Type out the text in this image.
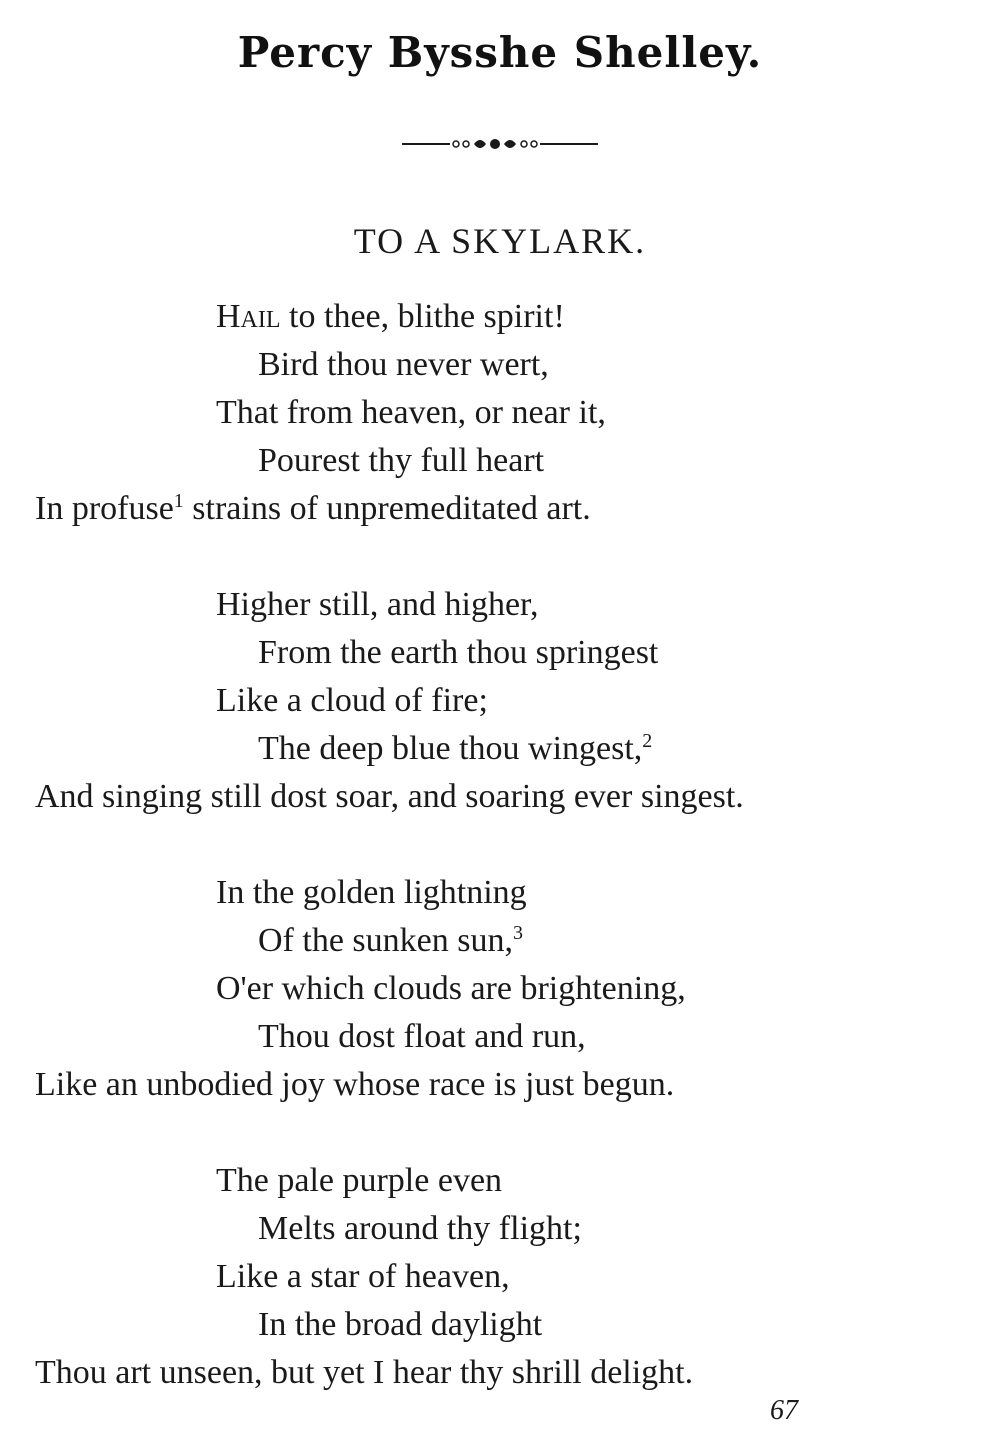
Percy Bysshe Shelley.
TO A SKYLARK.
Hail to thee, blithe spirit!
Bird thou never wert,
That from heaven, or near it,
Pourest thy full heart
In profuse$^1$ strains of unpremeditated art.
Higher still, and higher,
From the earth thou springest
Like a cloud of fire;
The deep blue thou wingest,$^2$
And singing still dost soar, and soaring ever singest.
In the golden lightning
Of the sunken sun,$^3$
O'er which clouds are brightening,
Thou dost float and run,
Like an unbodied joy whose race is just begun.
The pale purple even
Melts around thy flight;
Like a star of heaven,
In the broad daylight
Thou art unseen, but yet I hear thy shrill delight.
67
